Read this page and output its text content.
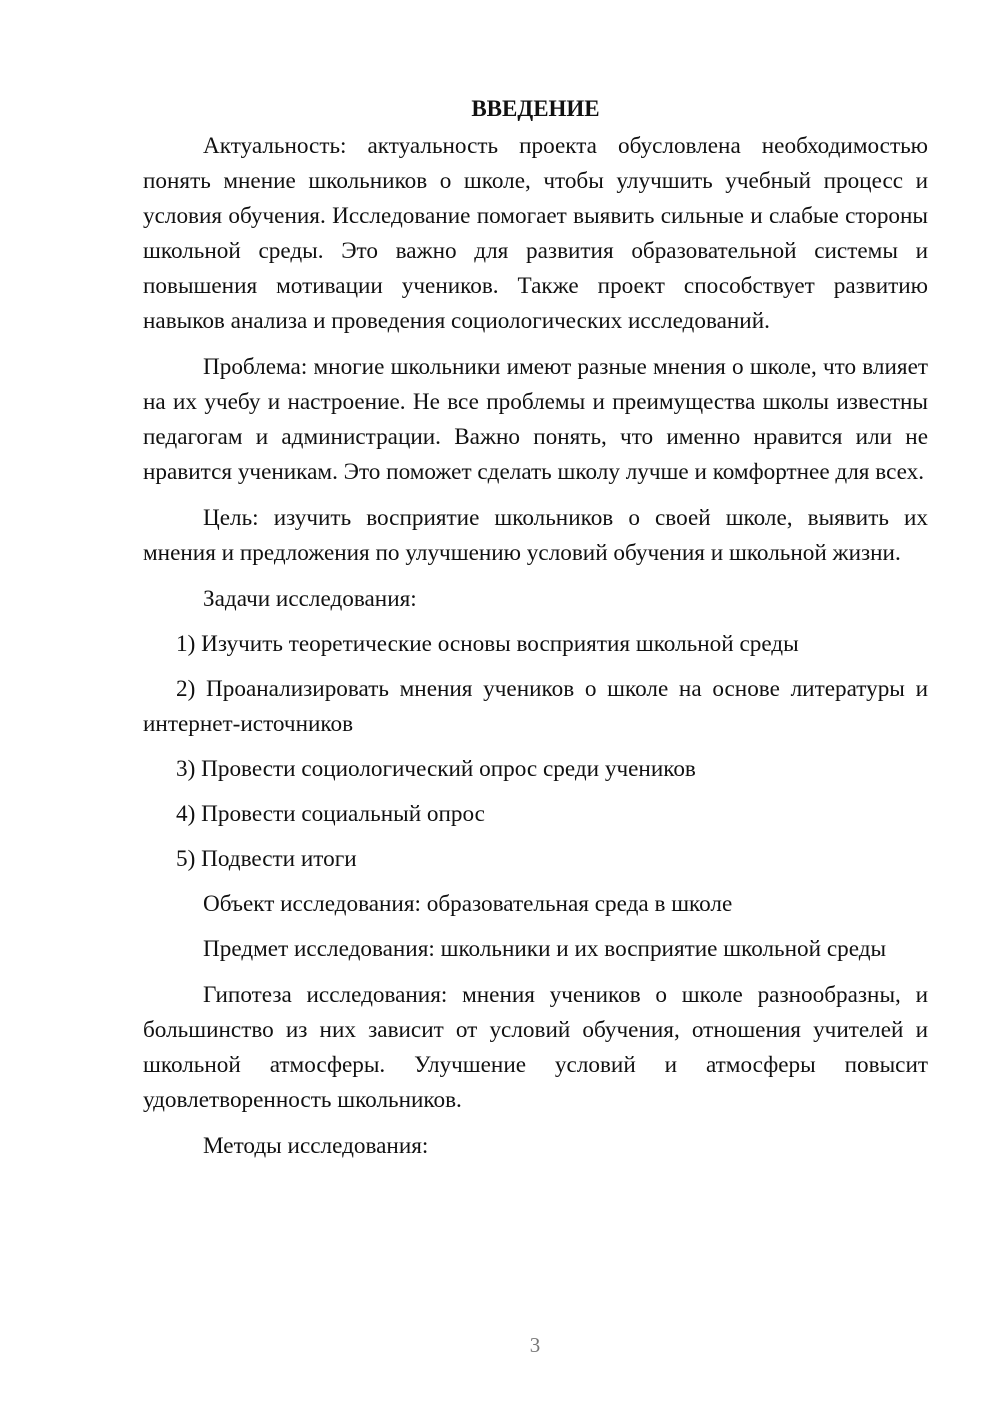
ВВЕДЕНИЕ

Актуальность: актуальность проекта обусловлена необходимостью понять мнение школьников о школе, чтобы улучшить учебный процесс и условия обучения. Исследование помогает выявить сильные и слабые стороны школьной среды. Это важно для развития образовательной системы и повышения мотивации учеников. Также проект способствует развитию навыков анализа и проведения социологических исследований.

Проблема: многие школьники имеют разные мнения о школе, что влияет на их учебу и настроение. Не все проблемы и преимущества школы известны педагогам и администрации. Важно понять, что именно нравится или не нравится ученикам. Это поможет сделать школу лучше и комфортнее для всех.

Цель: изучить восприятие школьников о своей школе, выявить их мнения и предложения по улучшению условий обучения и школьной жизни.

Задачи исследования:

1) Изучить теоретические основы восприятия школьной среды

2) Проанализировать мнения учеников о школе на основе литературы и интернет-источников

3) Провести социологический опрос среди учеников

4) Провести социальный опрос

5) Подвести итоги

Объект исследования: образовательная среда в школе

Предмет исследования: школьники и их восприятие школьной среды

Гипотеза исследования: мнения учеников о школе разнообразны, и большинство из них зависит от условий обучения, отношения учителей и школьной атмосферы. Улучшение условий и атмосферы повысит удовлетворенность школьников.

Методы исследования:

3
